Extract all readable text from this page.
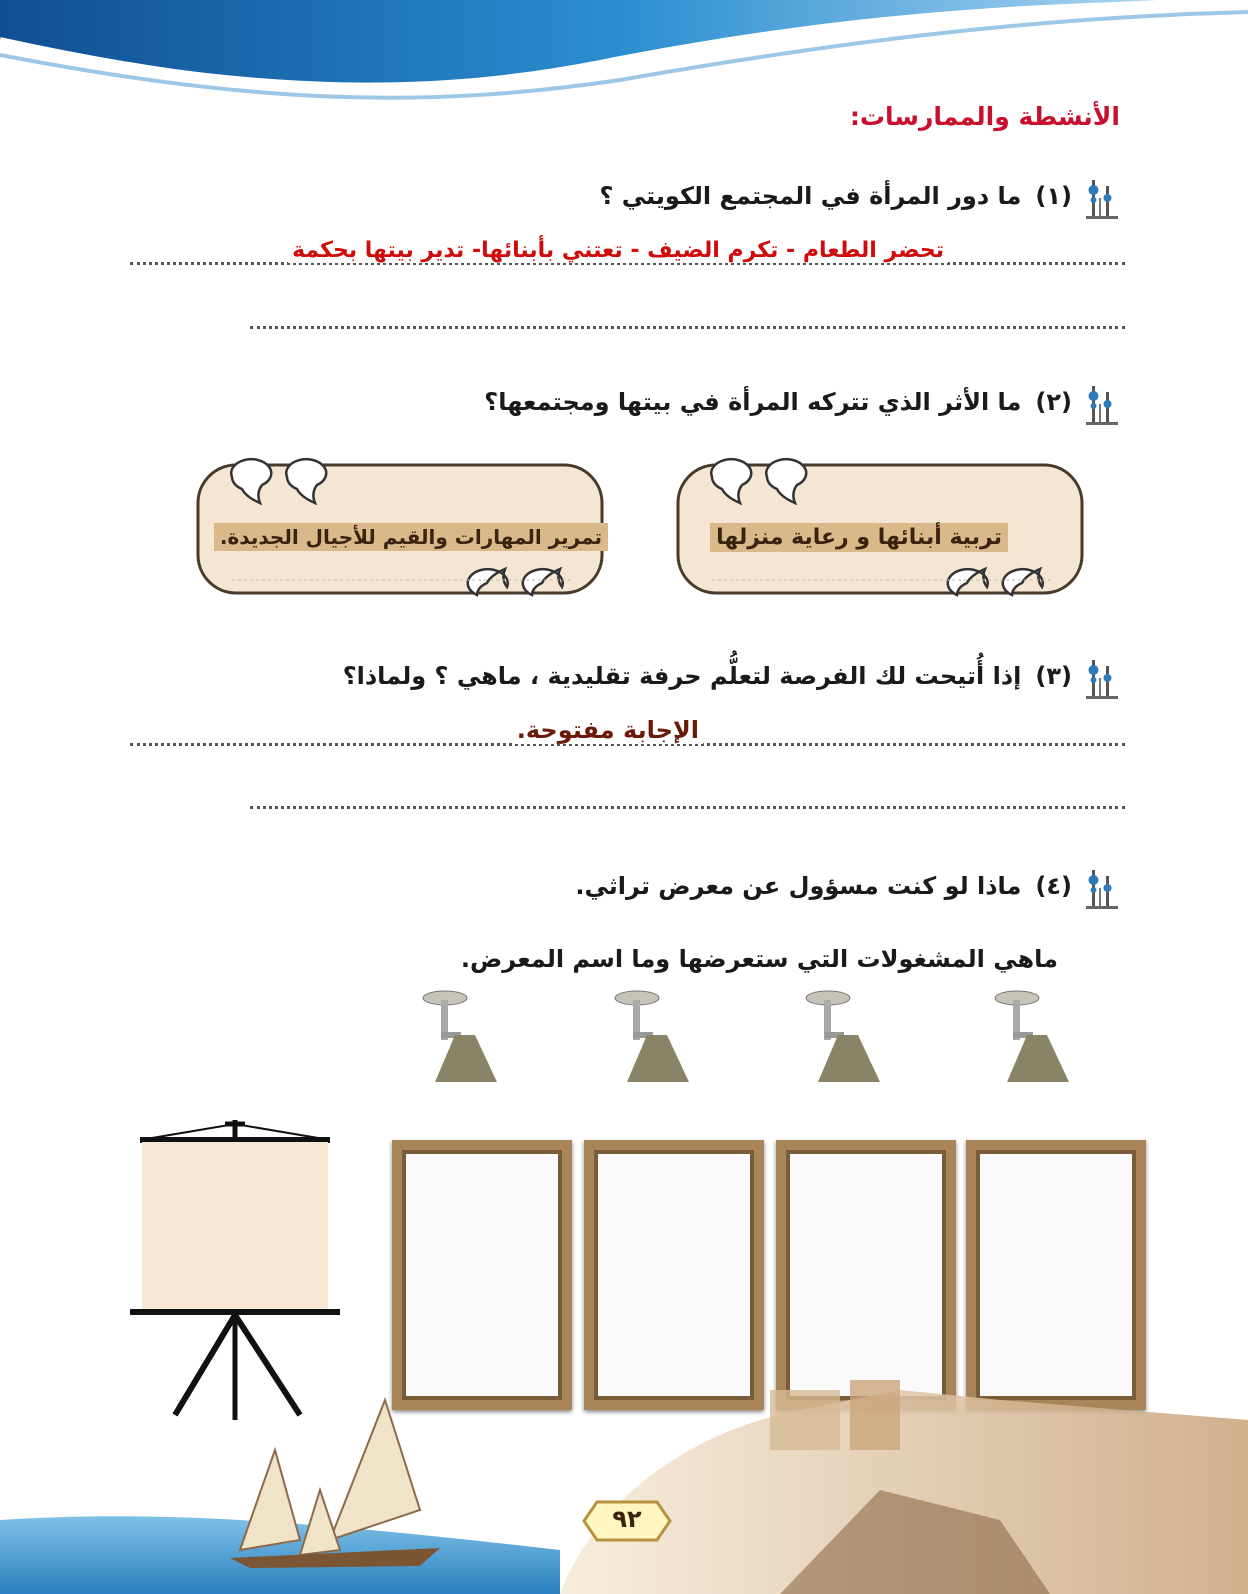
الأنشطة والممارسات:
(١)
ما دور المرأة في المجتمع الكويتي ؟
تحضر الطعام - تكرم الضيف - تعتني بأبنائها- تدير بيتها بحكمة
(٢)
ما الأثر الذي تتركه المرأة في بيتها ومجتمعها؟
تربية أبنائها و رعاية منزلها
تمرير المهارات والقيم للأجيال الجديدة.
(٣)
إذا أُتيحت لك الفرصة لتعلُّم حرفة تقليدية ، ماهي ؟ ولماذا؟
الإجابة مفتوحة.
(٤)
ماذا لو كنت مسؤول عن معرض تراثي.
ماهي المشغولات التي ستعرضها وما اسم المعرض.
٩٢
